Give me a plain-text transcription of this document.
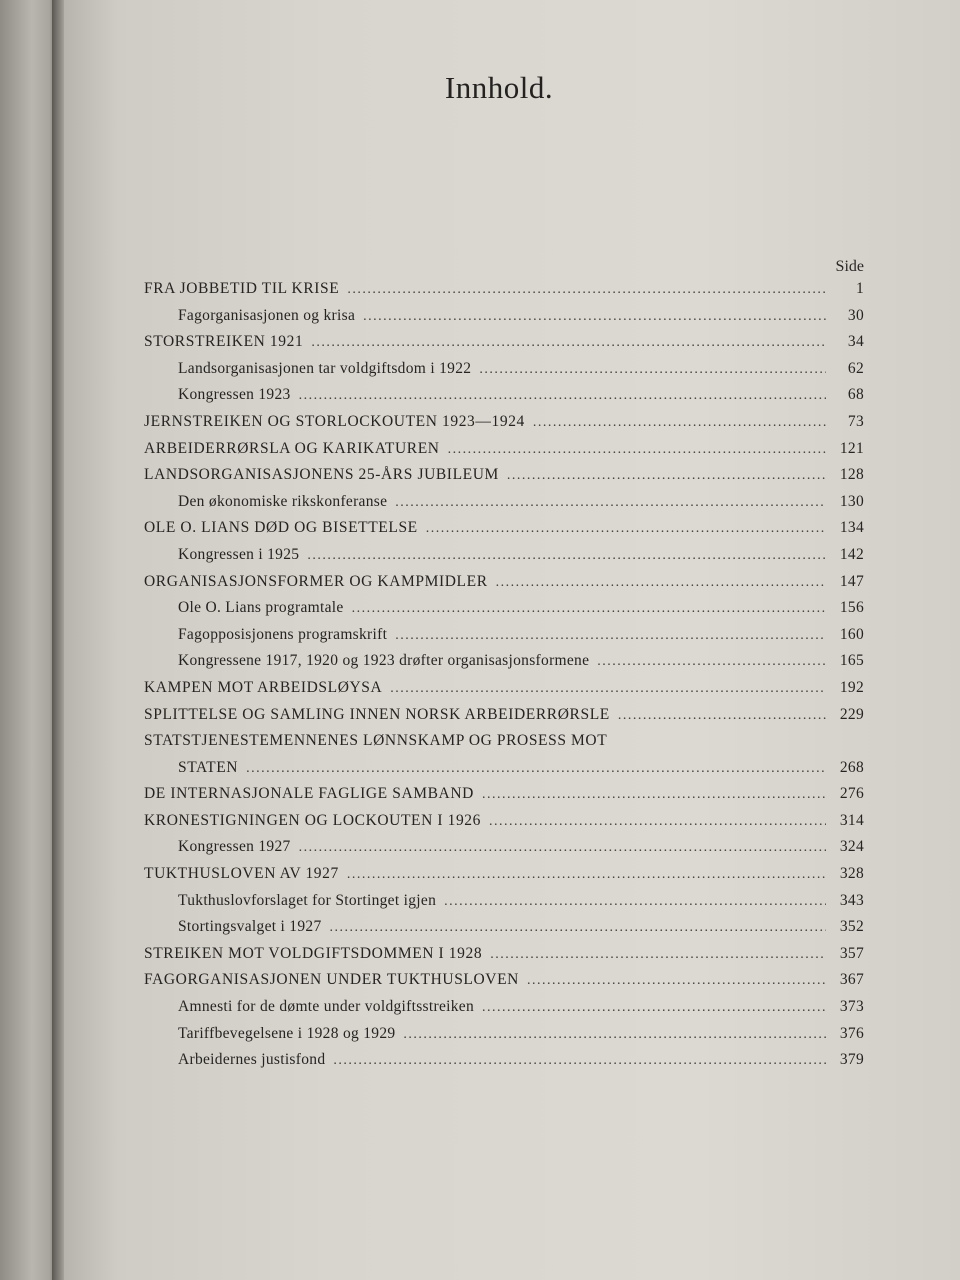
Innhold.
Side
FRA JOBBETID TIL KRISE .....	1
Fagorganisasjonen og krisa .....	30
STORSTREIKEN 1921 .....	34
Landsorganisasjonen tar voldgiftsdom i 1922 .....	62
Kongressen 1923 .....	68
JERNSTREIKEN OG STORLOCKOUTEN 1923—1924 .....	73
ARBEIDERRØRSLA OG KARIKATUREN .....	121
LANDSORGANISASJONENS 25-ÅRS JUBILEUM .....	128
Den økonomiske rikskonferanse .....	130
OLE O. LIANS DØD OG BISETTELSE .....	134
Kongressen i 1925 .....	142
ORGANISASJONSFORMER OG KAMPMIDLER .....	147
Ole O. Lians programtale .....	156
Fagopposisjonens programskrift .....	160
Kongressene 1917, 1920 og 1923 drøfter organisasjonsformene .....	165
KAMPEN MOT ARBEIDSLØYSA .....	192
SPLITTELSE OG SAMLING INNEN NORSK ARBEIDERRØRSLE .....	229
STATSTJENESTEMENNENES LØNNSKAMP OG PROSESS MOT
STATEN .....	268
DE INTERNASJONALE FAGLIGE SAMBAND .....	276
KRONESTIGNINGEN OG LOCKOUTEN I 1926 .....	314
Kongressen 1927 .....	324
TUKTHUSLOVEN AV 1927 .....	328
Tukthuslovforslaget for Stortinget igjen .....	343
Stortingsvalget i 1927 .....	352
STREIKEN MOT VOLDGIFTSDOMMEN I 1928 .....	357
FAGORGANISASJONEN UNDER TUKTHUSLOVEN .....	367
Amnesti for de dømte under voldgiftsstreiken .....	373
Tariffbevegelsene i 1928 og 1929 .....	376
Arbeidernes justisfond .....	379
